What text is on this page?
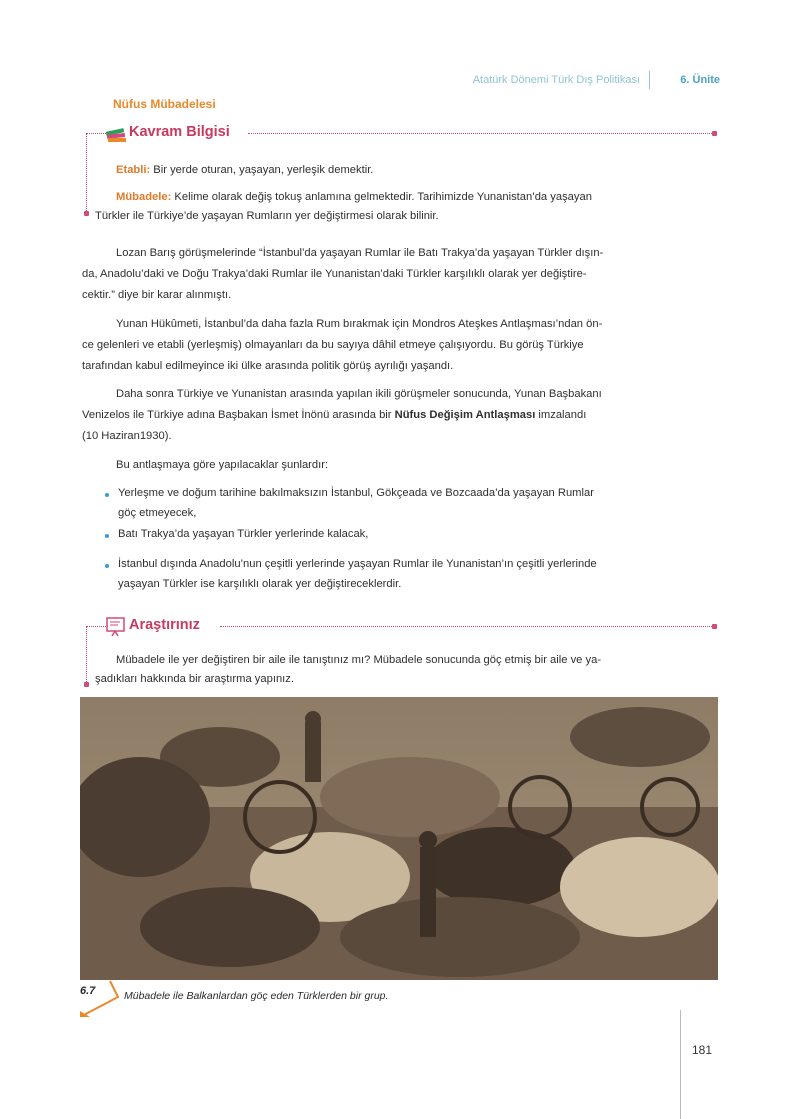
Atatürk Dönemi Türk Dış Politikası	6. Ünite
Nüfus Mübadelesi
Kavram Bilgisi
Etabli: Bir yerde oturan, yaşayan, yerleşik demektir.
Mübadele: Kelime olarak değiş tokuş anlamına gelmektedir. Tarihimizde Yunanistan’da yaşayan
Türkler ile Türkiye’de yaşayan Rumların yer değiştirmesi olarak bilinir.
Lozan Barış görüşmelerinde “İstanbul’da yaşayan Rumlar ile Batı Trakya’da yaşayan Türkler dışın-
da, Anadolu’daki ve Doğu Trakya’daki Rumlar ile Yunanistan’daki Türkler karşılıklı olarak yer değiştire-
cektir.” diye bir karar alınmıştı.
Yunan Hükûmeti, İstanbul’da daha fazla Rum bırakmak için Mondros Ateşkes Antlaşması’ndan ön-
ce gelenleri ve etabli (yerleşmiş) olmayanları da bu sayıya dâhil etmeye çalışıyordu. Bu görüş Türkiye
tarafından kabul edilmeyince iki ülke arasında politik görüş ayrılığı yaşandı.
Daha sonra Türkiye ve Yunanistan arasında yapılan ikili görüşmeler sonucunda, Yunan Başbakanı
Venizelos ile Türkiye adına Başbakan İsmet İnönü arasında bir Nüfus Değişim Antlaşması imzalandı
(10 Haziran1930).
Bu antlaşmaya göre yapılacaklar şunlardır:
Yerleşme ve doğum tarihine bakılmaksızın İstanbul, Gökçeada ve Bozcaada’da yaşayan Rumlar
göç etmeyecek,
Batı Trakya’da yaşayan Türkler yerlerinde kalacak,
İstanbul dışında Anadolu’nun çeşitli yerlerinde yaşayan Rumlar ile Yunanistan’ın çeşitli yerlerinde
yaşayan Türkler ise karşılıklı olarak yer değiştireceklerdir.
Araştırınız
Mübadele ile yer değiştiren bir aile ile tanıştınız mı? Mübadele sonucunda göç etmiş bir aile ve ya-
şadıkları hakkında bir araştırma yapınız.
6.7	Mübadele ile Balkanlardan göç eden Türklerden bir grup.
181
